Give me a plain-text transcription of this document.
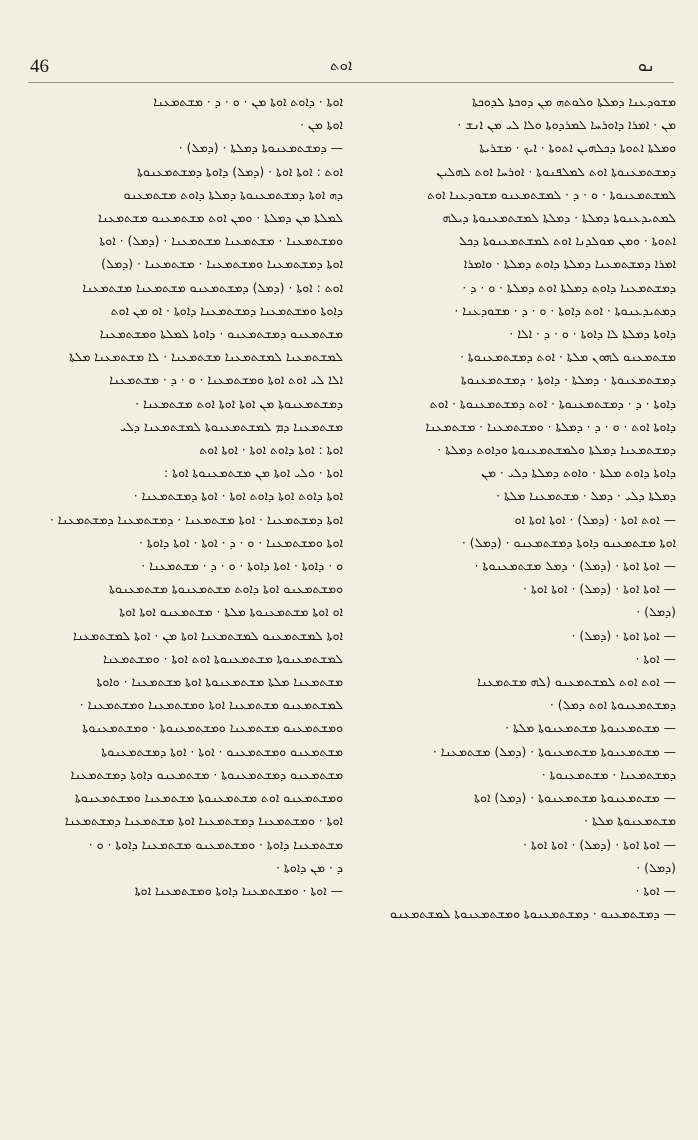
46	ܐܘܬ	ܢܘ
ܡܫܘܕܥܢܐ ܕܡܠܬܐ ܘܠܘܬܗ ܡܢ ܕܘܟܬܐ ܠܕܘܟܬܐ
ܡܢ · ܐܡܪܐ ܕܐܘܪܚܐ ܠܡܪܕܘܬܐ ܘܠܐ ܠܝ ܡܢ ܐܢܫ ·
ܘܡܠܬܐ ܐܬܘܬܐ ܕܟܠܗܝܢ ܐܬܘܬܐ · ܐܝܟ · ܡܫܪܝܬܐ
ܕܡܫܬܡܥܢܘܬܐ ܐܘܬ ܠܡܠܦܢܘܬܐ · ܐܘܪܚܐ ܐܘܬ ܠܗܠܝܢ
ܠܡܫܬܡܥܢܘܬܐ · ܘ · ܕ · ܠܡܫܬܡܥܢܘ ܡܫܘܕܥܢܐ ܐܘܬ
ܠܡܬܝܕܥܢܘܬܐ ܕܡܠܬܐ · ܕܡܠܬܐ ܠܡܫܬܡܥܢܘܬܐ ܕܝܠܗ
ܐܬܘܬܐ · ܘܡܢ ܡܘܠܕܢܐ ܐܘܬ ܠܡܫܬܡܥܢܘܬܐ ܕܟܠ
ܐܡܪܐ ܕܡܫܬܡܥܢܐ ܕܡܠܬܐ ܕܐܘܬ ܕܡܠܬܐ · ܘܐܡܪܐ
ܕܡܫܬܡܥܢܐ ܕܐܘܬ ܕܡܠܬܐ ܐܘܬ ܕܡܠܬܐ · ܘ · ܕ ·
ܕܡܬܝܕܥܢܘܬܐ · ܐܘܬ ܕܐܘܬܐ · ܘ · ܕ · ܡܫܘܕܥܢܐ ·
ܕܐܘܬܐ ܕܡܠܬܐ ܠܐ ܕܐܘܬܐ · ܘ · ܕ · ܐܠܐ ·
ܡܫܬܡܥܢܘ ܠܗܘܢ ܡܠܬܐ · ܐܘܬ ܕܡܫܬܡܥܢܘܬܐ ·
ܕܡܫܬܡܥܢܘܬܐ · ܕܡܠܬܐ · ܕܐܘܬܐ · ܕܡܫܬܡܥܢܘܬܐ
ܕܐܘܬܐ · ܕ · ܕܡܫܬܡܥܢܘܬܐ · ܐܘܬ ܕܡܫܬܡܥܢܘܬܐ · ܐܘܬ
ܕܐܘܬܐ ܐܘܬ · ܘ · ܕ · ܕܡܠܬܐ · ܘܡܫܬܡܥܢܐ · ܡܫܬܡܥܢܐ
ܕܡܫܬܡܥܢܐ ܕܡܠܬܐ ܘܠܡܫܬܡܥܢܘܬܐ ܘܕܐܘܬ ܕܡܠܬܐ ·
ܕܐܘܬܐ ܕܐܘܬ ܡܠܬܐ · ܘܐܘܬ ܕܡܠܬܐ ܕܠܝ · ܡܢ
ܕܡܠܬܐ ܕܠܝ · ܕܡܠ · ܡܫܬܡܥܢܐ ܡܠܬܐ ·
— ܐܘܬ ܐܘܬܐ · (ܕܡܠ) · ܐܘܬܐ ܐܘܬܐ ܐܘ
ܐܘܬܐ ܡܫܬܡܥܢܘ ܕܐܘܬܐ ܕܡܫܬܡܥܢܘ · (ܕܡܠ) ·
— ܐܘܬܐ ܐܘܬܐ · (ܕܡܠ) · ܕܡܠ ܡܫܬܡܥܢܘܬܐ ·
— ܐܘܬܐ ܐܘܬܐ · (ܕܡܠ) · ܐܘܬܐ ܐܘܬܐ ·
(ܕܡܠ) ·
— ܐܘܬܐ ܐܘܬܐ · (ܕܡܠ) ·
— ܐܘܬܐ ·
— ܐܘܬ ܐܘܬ ܠܡܫܬܡܥܢܘ (ܠܗ ܡܫܬܡܥܢܐ
ܕܡܫܬܡܥܢܘܬܐ ܐܘܬ ܕܡܠ) ·
— ܡܫܬܡܥܢܘܬܐ ܡܫܬܡܥܢܘܬܐ ܡܠܬܐ ·
— ܡܫܬܡܥܢܘܬܐ ܡܫܬܡܥܢܘܬܐ · (ܕܡܠ) ܡܫܬܡܥܢܐ ·
ܕܡܫܬܡܥܢܐ · ܡܫܬܡܥܢܘܬܐ ·
— ܡܫܬܡܥܢܘܬܐ ܡܫܬܡܥܢܘܬܐ · (ܕܡܠ) ܐܘܬܐ
ܡܫܬܡܥܢܘܬܐ ܡܠܬܐ ·
— ܐܘܬܐ ܐܘܬܐ · (ܕܡܠ) · ܐܘܬܐ ܐܘܬܐ ·
(ܕܡܠ) ·
— ܐܘܬܐ ·
— ܕܡܫܬܡܥܢܘ · ܕܡܫܬܡܥܢܘܬܐ ܘܡܫܬܡܥܢܘܬܐ ܠܡܫܬܡܥܢܘ
ܐܘܬܐ · ܕܐܘܬ ܐܘܬܐ ܡܢ · ܘ · ܕ · ܡܫܬܡܥܢܐ
ܐܘܬܐ ܡܢ ·
— ܕܡܫܬܡܥܢܘܬܐ ܕܡܠܬܐ · (ܕܡܠ) ·
ܐܘܬ : ܐܘܬܐ ܐܘܬܐ · (ܕܡܠ) ܕܐܘܬܐ ܕܡܫܬܡܥܢܘܬܐ
ܕܗ ܐܘܬܐ ܕܡܫܬܡܥܢܘܬܐ ܕܡܠܬܐ ܕܐܘܬ ܡܫܬܡܥܢܘ
ܠܡܠܬܐ ܡܢ ܕܡܠܬܐ · ܘܡܢ ܐܘܬ ܡܫܬܡܥܢܘ ܡܫܬܡܥܢܐ
ܘܡܫܬܡܥܢܐ · ܡܫܬܡܥܢܐ ܡܫܬܡܥܢܐ · (ܕܡܠ) · ܐܘܬܐ
ܐܘܬܐ ܕܡܫܬܡܥܢܐ ܘܡܫܬܡܥܢܐ · ܡܫܬܡܥܢܐ · (ܕܡܠ)
ܐܘܬ : ܐܘܬܐ · (ܕܡܠ) ܕܡܫܬܡܥܢܘ ܡܫܬܡܥܢܐ ܡܫܬܡܥܢܐ
ܕܐܘܬܐ ܘܡܫܬܡܥܢܐ ܕܡܫܬܡܥܢܐ ܕܐܘܬܐ · ܐܘ ܡܢ ܐܘܬ
ܡܫܬܡܥܢܘ ܕܡܫܬܡܥܢܘ · ܕܐܘܬܐ ܠܡܠܬܐ ܘܡܫܬܡܥܢܐ
ܠܡܫܬܡܥܢܐ ܠܡܫܬܡܥܢܐ ܡܫܬܡܥܢܐ · ܠܐ ܡܫܬܡܥܢܐ ܡܠܬܐ
ܐܠܐ ܠܝ ܐܘܬ ܐܘܬܐ ܘܡܫܬܡܥܢܐ · ܘ · ܕ · ܡܫܬܡܥܢܐ
ܕܡܫܬܡܥܢܘܬܐ ܡܢ ܐܘܬܐ ܐܘܬܐ ܐܘܬ ܡܫܬܡܥܢܐ ·
ܡܫܬܡܥܢܐ ܕܡ ܠܡܫܬܡܥܢܘܬܐ ܠܡܫܬܡܥܢܐ ܕܠܝ
ܐܘܬܐ : ܐܘܬܐ ܕܐܘܬ ܐܘܬܐ · ܐܘܬܐ ܐܘܬ
ܐܘܬܐ · ܘܠܝ ܐܘܬܐ ܡܢ ܡܫܬܡܥܢܘܬܐ ܐܘܬܐ :
ܐܘܬܐ ܕܐܘܬ ܐܘܬܐ ܕܐܘܬ ܐܘܬܐ · ܐܘܬܐ ܕܡܫܬܡܥܢܐ ·
ܐܘܬܐ ܕܡܫܬܡܥܢܐ · ܐܘܬܐ ܡܫܬܡܥܢܐ · ܕܡܫܬܡܥܢܐ ܕܡܫܬܡܥܢܐ ·
ܐܘܬܐ ܘܡܫܬܡܥܢܐ · ܘ · ܕ · ܐܘܬܐ · ܐܘܬܐ ܕܐܘܬܐ ·
ܘ · ܕܐܘܬܐ · ܐܘܬܐ ܕܐܘܬܐ · ܘ · ܕ · ܡܫܬܡܥܢܐ ·
ܘܡܫܬܡܥܢܘ ܐܘܬܐ ܕܐܘܬ ܡܫܬܡܥܢܘܬܐ ܡܫܬܡܥܢܘܬܐ
ܐܘ ܐܘܬܐ ܡܫܬܡܥܢܘܬܐ ܡܠܬܐ · ܡܫܬܡܥܢܘ ܐܘܬܐ ܐܘܬܐ
ܐܘܬܐ ܠܡܫܬܡܥܢܘ ܠܡܫܬܡܥܢܐ ܐܘܬܐ ܡܢ · ܐܘܬܐ ܠܡܫܬܡܥܢܐ
ܠܡܫܬܡܥܢܘܬܐ ܡܫܬܡܥܢܘܬܐ ܐܘܬ ܐܘܬܐ · ܘܡܫܬܡܥܢܐ
ܡܫܬܡܥܢܐ ܡܠܬܐ ܡܫܬܡܥܢܘܬܐ ܐܘܬܐ ܡܫܬܡܥܢܐ · ܘܐܘܬܐ
ܠܡܫܬܡܥܢܘ ܡܫܬܡܥܢܐ ܐܘܬܐ ܘܡܫܬܡܥܢܐ ܘܡܫܬܡܥܢܐ ·
ܘܡܫܬܡܥܢܘ ܡܫܬܡܥܢܐ ܘܡܫܬܡܥܢܘܬܐ · ܘܡܫܬܡܥܢܘܬܐ
ܡܫܬܡܥܢܘ ܘܡܫܬܡܥܢܘ · ܐܘܬܐ · ܐܘܬܐ ܕܡܫܬܡܥܢܘܬܐ
ܡܫܬܡܥܢܘ ܕܡܫܬܡܥܢܘܬܐ · ܡܫܬܡܥܢܘ ܕܐܘܬܐ ܕܡܫܬܡܥܢܐ
ܘܡܫܬܡܥܢܘ ܐܘܬ ܡܫܬܡܥܢܘܬܐ ܡܫܬܡܥܢܐ ܘܡܫܬܡܥܢܘܬܐ
ܐܘܬܐ · ܘܡܫܬܡܥܢܐ ܕܡܫܬܡܥܢܐ ܐܘܬܐ ܡܫܬܡܥܢܐ ܕܡܫܬܡܥܢܐ
ܡܫܬܡܥܢܐ ܕܐܘܬܐ · ܘܡܫܬܡܥܢܘ ܡܫܬܡܥܢܐ ܕܐܘܬܐ · ܘ ·
ܕ · ܡܢ ܕܐܘܬܐ ·
— ܐܘܬܐ · ܘܡܫܬܡܥܢܐ ܕܐܘܬܐ ܘܡܫܬܡܥܢܐ ܐܘܬܐ
